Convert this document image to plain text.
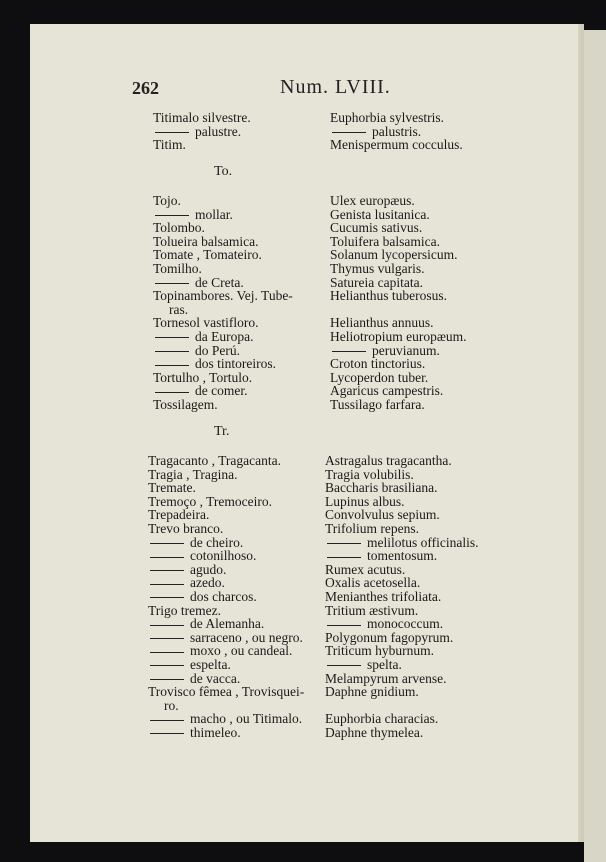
262	Num. LVIII.
Titimalo silvestre.
palustre.
Titim.
Euphorbia sylvestris.
palustris.
Menispermum cocculus.
To.
Tojo.
mollar.
Tolombo.
Tolueira balsamica.
Tomate , Tomateiro.
Tomilho.
de Creta.
Topinambores. Vej. Tube-
ras.
Tornesol vastifloro.
da Europa.
do Perú.
dos tintoreiros.
Tortulho , Tortulo.
de comer.
Tossilagem.
Ulex europæus.
Genista lusitanica.
Cucumis sativus.
Toluifera balsamica.
Solanum lycopersicum.
Thymus vulgaris.
Satureia capitata.
Helianthus tuberosus.
Helianthus annuus.
Heliotropium europæum.
peruvianum.
Croton tinctorius.
Lycoperdon tuber.
Agaricus campestris.
Tussilago farfara.
Tr.
Tragacanto , Tragacanta.
Tragia , Tragina.
Tremate.
Tremoço , Tremoceiro.
Trepadeira.
Trevo branco.
de cheiro.
cotonilhoso.
agudo.
azedo.
dos charcos.
Trigo tremez.
de Alemanha.
sarraceno , ou negro.
moxo , ou candeal.
espelta.
de vacca.
Trovisco fêmea , Trovisquei-
ro.
macho , ou Titimalo.
thimeleo.
Astragalus tragacantha.
Tragia volubilis.
Baccharis brasiliana.
Lupinus albus.
Convolvulus sepium.
Trifolium repens.
melilotus officinalis.
tomentosum.
Rumex acutus.
Oxalis acetosella.
Menianthes trifoliata.
Tritium æstivum.
monococcum.
Polygonum fagopyrum.
Triticum hyburnum.
spelta.
Melampyrum arvense.
Daphne gnidium.
Euphorbia characias.
Daphne thymelea.
